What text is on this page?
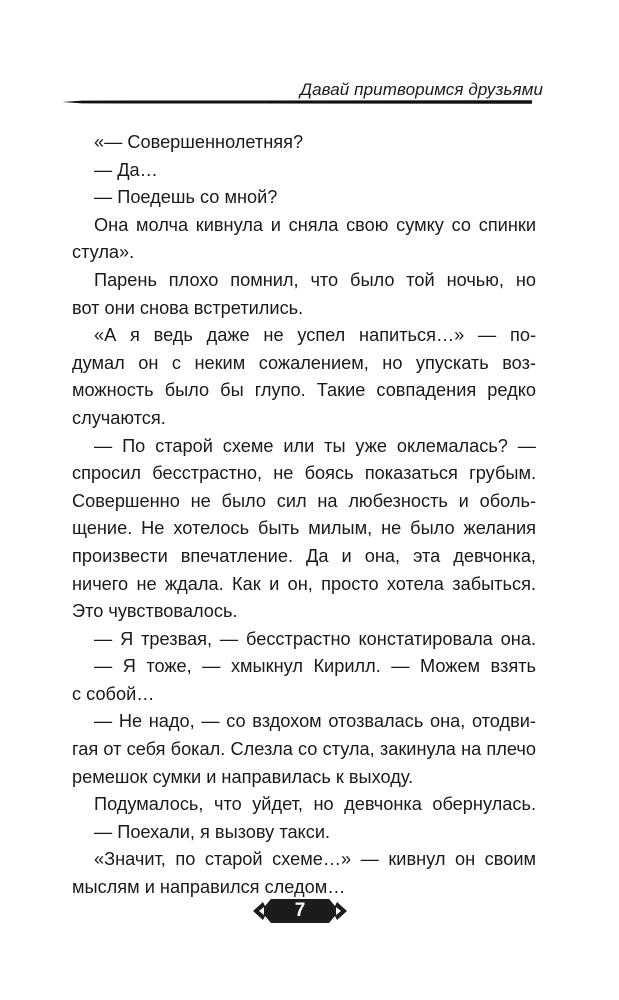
Давай притворимся друзьями
«— Совершеннолетняя?
— Да…
— Поедешь со мной?
Она молча кивнула и сняла свою сумку со спинки
стула».
Парень плохо помнил, что было той ночью, но
вот они снова встретились.
«А я ведь даже не успел напиться…» — по-
думал он с неким сожалением, но упускать воз-
можность было бы глупо. Такие совпадения редко
случаются.
— По старой схеме или ты уже оклемалась? —
спросил бесстрастно, не боясь показаться грубым.
Совершенно не было сил на любезность и оболь-
щение. Не хотелось быть милым, не было желания
произвести впечатление. Да и она, эта девчонка,
ничего не ждала. Как и он, просто хотела забыться.
Это чувствовалось.
— Я трезвая, — бесстрастно констатировала она.
— Я тоже, — хмыкнул Кирилл. — Можем взять
с собой…
— Не надо, — со вздохом отозвалась она, отодви-
гая от себя бокал. Слезла со стула, закинула на плечо
ремешок сумки и направилась к выходу.
Подумалось, что уйдет, но девчонка обернулась.
— Поехали, я вызову такси.
«Значит, по старой схеме…» — кивнул он своим
мыслям и направился следом…
7
